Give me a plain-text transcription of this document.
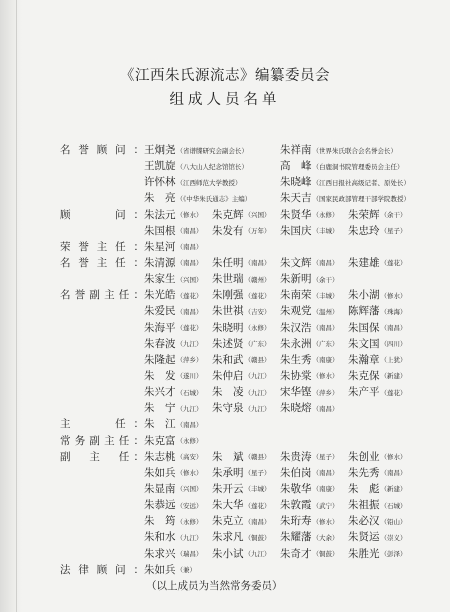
《江西朱氏源流志》编纂委员会
组成人员名单
名誉顾问： 王炯尧（省谱牒研究会副会长）	朱祥南（世界朱氏联合会名誉会长）
王凯旋（八大山人纪念馆馆长）	高　峰（白鹿洞书院管理委员会主任）
许怀林（江西师范大学教授）	朱晓峰（江西日报社高级记者、原处长）
朱　亮（《中华朱氏通志》主编）	朱天吉（国家民政部管理干部学院教授）
顾　　问： 朱法元（修水） 朱克辉（兴国） 朱贤华（永修） 朱荣辉（余干）
朱国根（南昌） 朱发有（万年） 朱国庆（丰城） 朱忠玲（星子）
荣誉主任： 朱星河（南昌）
名誉主任： 朱清源（南昌） 朱任明（南昌） 朱文辉（南昌） 朱建雄（莲花）
朱家生（兴国） 朱世瑞（赣州） 朱新明（余干）
名誉副主任： 朱光皓（莲花） 朱刚强（莲花） 朱南荣（丰城） 朱小湖（修水）
朱爱民（南昌） 朱世祺（吉安） 朱观党（温州） 陈辉藩（珠海）
朱海平（莲花） 朱晓明（永修） 朱汉浩（南昌） 朱国保（南昌）
朱春波（九江） 朱述贤（广东） 朱永洲（广东） 朱文国（四川）
朱隆起（萍乡） 朱和武（赣县） 朱生秀（南康） 朱瀚章（上犹）
朱　发（遂川） 朱仲启（九江） 朱协棠（修水） 朱克保（新建）
朱兴才（石城） 朱　凌（九江） 宋华铿（萍乡） 朱产平（莲花）
朱　宁（九江） 朱守泉（九江） 朱晓熔（南昌）
主　　任： 朱　江（南昌）
常务副主任： 朱克富（永修）
副　主　任： 朱志桃（高安） 朱　斌（赣县） 朱贵涛（星子） 朱创业（修水）
朱如兵（修水） 朱承明（星子） 朱伯岗（南昌） 朱先秀（南昌）
朱显南（兴国） 朱开云（丰城） 朱敬华（南康） 朱　彪（新建）
朱恭远（安远） 朱大华（莲花） 朱敦霞（武宁） 朱祖振（石城）
朱　筠（永修） 朱克立（南昌） 朱珩寿（修水） 朱必汉（铅山）
朱和水（九江） 朱求凡（铜鼓） 朱耀藩（大余） 朱贤运（崇义）
朱求兴（瑞昌） 朱小试（九江） 朱奇才（铜鼓） 朱胜光（彭泽）
法律顾问： 朱如兵（兼）
（以上成员为当然常务委员）
